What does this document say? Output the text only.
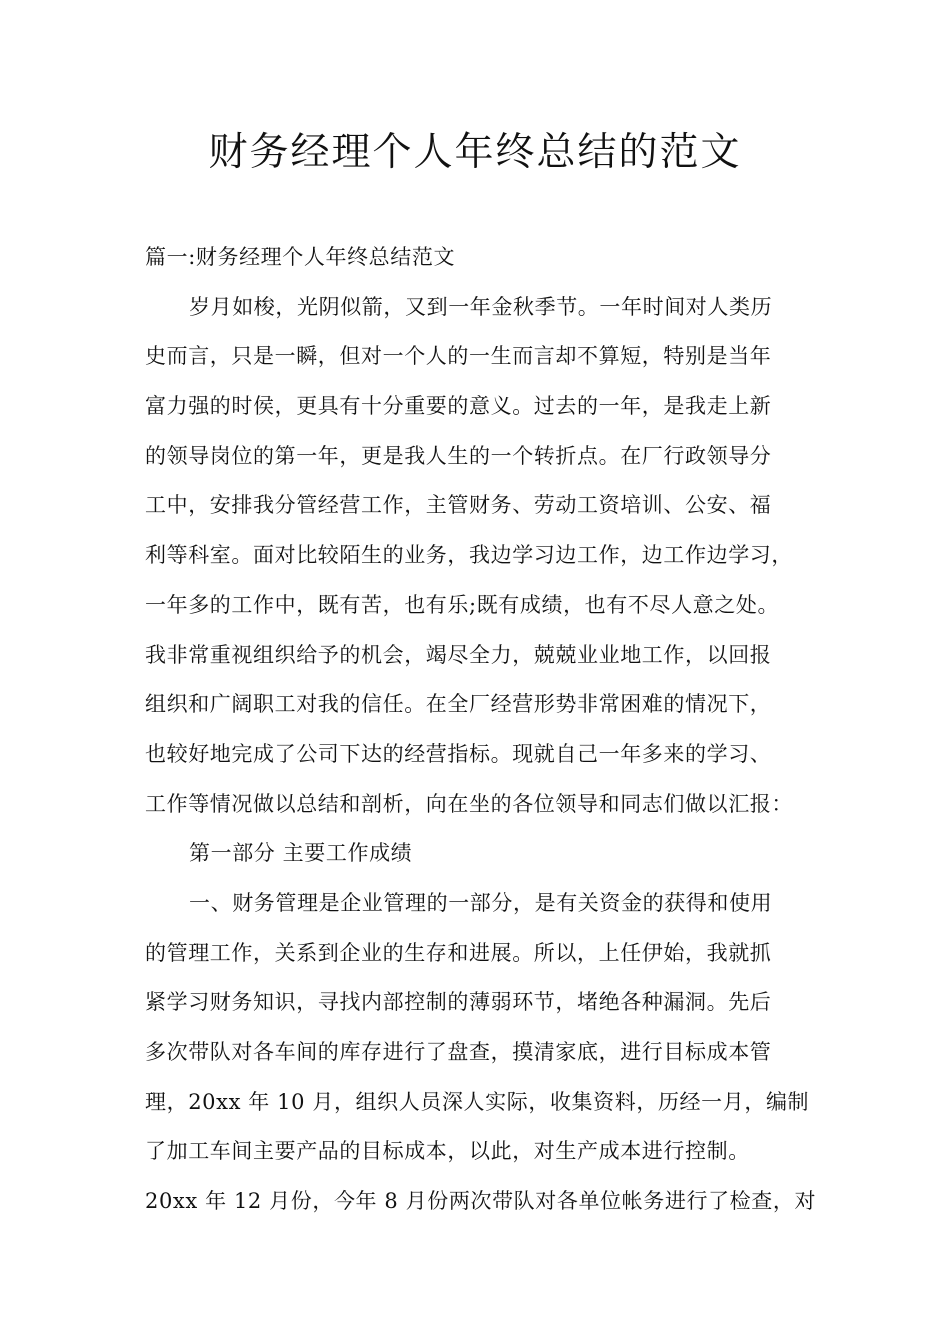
财务经理个人年终总结的范文
篇一:财务经理个人年终总结范文
岁月如梭，光阴似箭，又到一年金秋季节。一年时间对人类历
史而言，只是一瞬，但对一个人的一生而言却不算短，特别是当年
富力强的时侯，更具有十分重要的意义。过去的一年，是我走上新
的领导岗位的第一年，更是我人生的一个转折点。在厂行政领导分
工中，安排我分管经营工作，主管财务、劳动工资培训、公安、福
利等科室。面对比较陌生的业务，我边学习边工作，边工作边学习，
一年多的工作中，既有苦，也有乐;既有成绩，也有不尽人意之处。
我非常重视组织给予的机会，竭尽全力，兢兢业业地工作，以回报
组织和广阔职工对我的信任。在全厂经营形势非常困难的情况下，
也较好地完成了公司下达的经营指标。现就自己一年多来的学习、
工作等情况做以总结和剖析，向在坐的各位领导和同志们做以汇报：
第一部分 主要工作成绩
一、财务管理是企业管理的一部分，是有关资金的获得和使用
的管理工作，关系到企业的生存和进展。所以，上任伊始，我就抓
紧学习财务知识，寻找内部控制的薄弱环节，堵绝各种漏洞。先后
多次带队对各车间的库存进行了盘查，摸清家底，进行目标成本管
理，20xx 年 10 月，组织人员深人实际，收集资料，历经一月，编制
了加工车间主要产品的目标成本，以此，对生产成本进行控制。
20xx 年 12 月份，今年 8 月份两次带队对各单位帐务进行了检查，对
